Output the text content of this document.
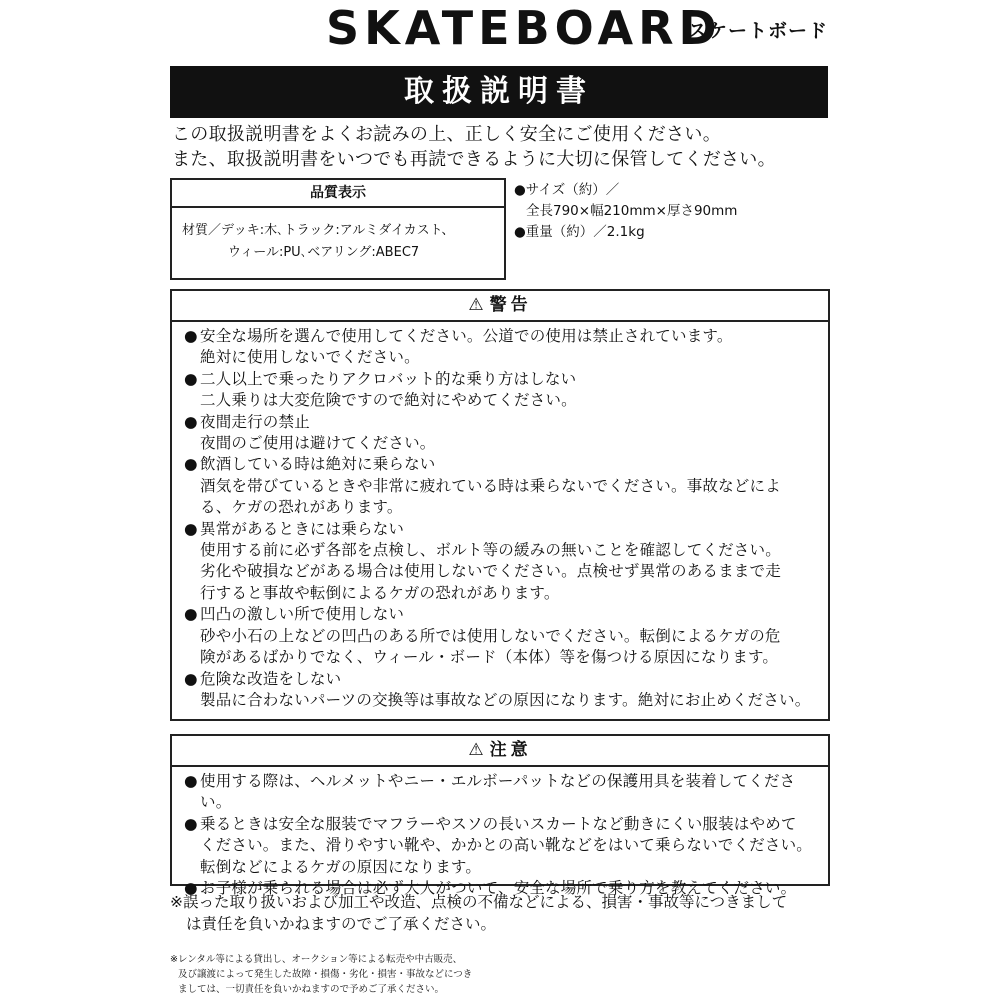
SKATEBOARD
スケートボード
取扱説明書
この取扱説明書をよくお読みの上、正しく安全にご使用ください。
また、取扱説明書をいつでも再読できるように大切に保管してください。
品質表示
材質／デッキ:木､トラック:アルミダイカスト、
ウィール:PU､ベアリング:ABEC7
●サイズ（約）／
全長790×幅210mm×厚さ90mm
●重量（約）／2.1kg
⚠ 警告
● 安全な場所を選んで使用してください。公道での使用は禁止されています。
絶対に使用しないでください。
● 二人以上で乗ったりアクロバット的な乗り方はしない
二人乗りは大変危険ですので絶対にやめてください。
● 夜間走行の禁止
夜間のご使用は避けてください。
● 飲酒している時は絶対に乗らない
酒気を帯びているときや非常に疲れている時は乗らないでください。事故などによ
る、ケガの恐れがあります。
● 異常があるときには乗らない
使用する前に必ず各部を点検し、ボルト等の緩みの無いことを確認してください。
劣化や破損などがある場合は使用しないでください。点検せず異常のあるままで走
行すると事故や転倒によるケガの恐れがあります。
● 凹凸の激しい所で使用しない
砂や小石の上などの凹凸のある所では使用しないでください。転倒によるケガの危
険があるばかりでなく、ウィール・ボード（本体）等を傷つける原因になります。
● 危険な改造をしない
製品に合わないパーツの交換等は事故などの原因になります。絶対にお止めください。
⚠ 注意
● 使用する際は、ヘルメットやニー・エルボーパットなどの保護用具を装着してください。
● 乗るときは安全な服装でマフラーやスソの長いスカートなど動きにくい服装はやめて
ください。また、滑りやすい靴や、かかとの高い靴などをはいて乗らないでください。
転倒などによるケガの原因になります。
● お子様が乗られる場合は必ず大人がついて、安全な場所で乗り方を教えてください。
※誤った取り扱いおよび加工や改造、点検の不備などによる、損害・事故等につきまして
は責任を負いかねますのでご了承ください。
※レンタル等による貸出し、オークション等による転売や中古販売、
及び譲渡によって発生した故障・損傷・劣化・損害・事故などにつき
ましては、一切責任を負いかねますので予めご了承ください。
